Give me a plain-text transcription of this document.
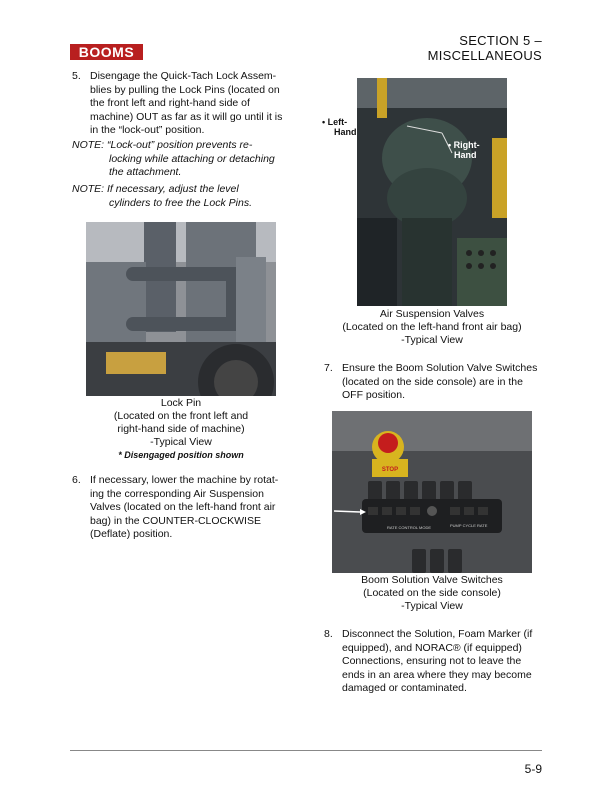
BOOMS
SECTION 5 –
MISCELLANEOUS
5. Disengage the Quick-Tach Lock Assem-blies by pulling the Lock Pins (located on the front left and right-hand side of machine) OUT as far as it will go until it is in the “lock-out” position.
NOTE: “Lock-out” position prevents re-
locking while attaching or detaching the attachment.
NOTE: If necessary, adjust the level
cylinders to free the Lock Pins.
Lock Pin
(Located on the front left and
right-hand side of machine)
-Typical View
* Disengaged position shown
6. If necessary, lower the machine by rotat-ing the corresponding Air Suspension Valves (located on the left-hand front air bag) in the COUNTER-CLOCKWISE (Deflate) position.
• Left-
Hand
• Right-
Hand
Air Suspension Valves
(Located on the left-hand front air bag)
-Typical View
7. Ensure the Boom Solution Valve Switches (located on the side console) are in the OFF position.
STOP
RATE CONTROL MODE	PUMP CYCLE RATE
Boom Solution Valve Switches
(Located on the side console)
-Typical View
8. Disconnect the Solution, Foam Marker (if equipped), and NORAC® (if equipped) Connections, ensuring not to leave the ends in an area where they may become damaged or contaminated.
5-9
